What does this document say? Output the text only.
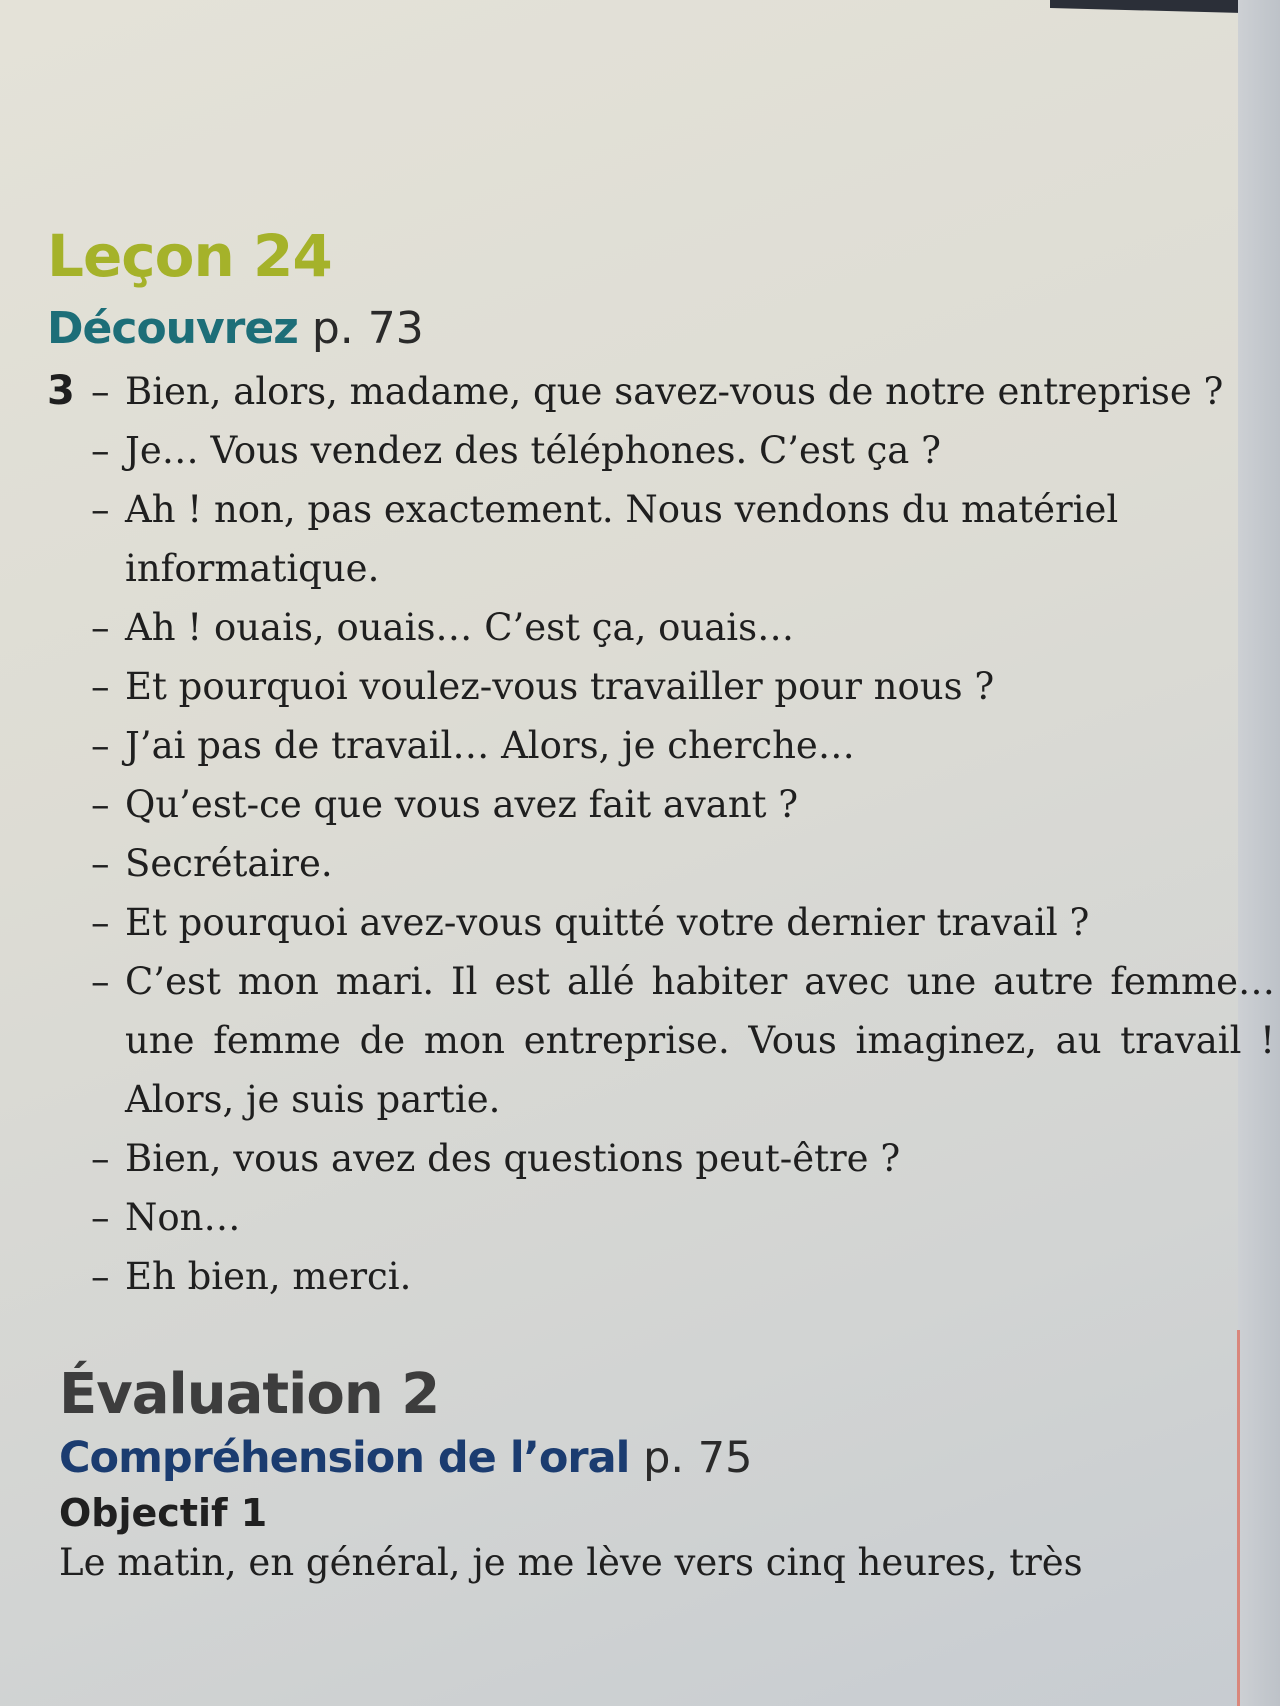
Leçon 24
Découvrez p. 73
3 – Bien, alors, madame, que savez-vous de notre entreprise ?
– Je… Vous vendez des téléphones. C’est ça ?
– Ah ! non, pas exactement. Nous vendons du matériel informatique.
– Ah ! ouais, ouais… C’est ça, ouais…
– Et pourquoi voulez-vous travailler pour nous ?
– J’ai pas de travail… Alors, je cherche…
– Qu’est-ce que vous avez fait avant ?
– Secrétaire.
– Et pourquoi avez-vous quitté votre dernier travail ?
– C’est mon mari. Il est allé habiter avec une autre femme… une femme de mon entreprise. Vous imaginez, au travail ! Alors, je suis partie.
– Bien, vous avez des questions peut-être ?
– Non…
– Eh bien, merci.
Évaluation 2
Compréhension de l’oral p. 75
Objectif 1
Le matin, en général, je me lève vers cinq heures, très
